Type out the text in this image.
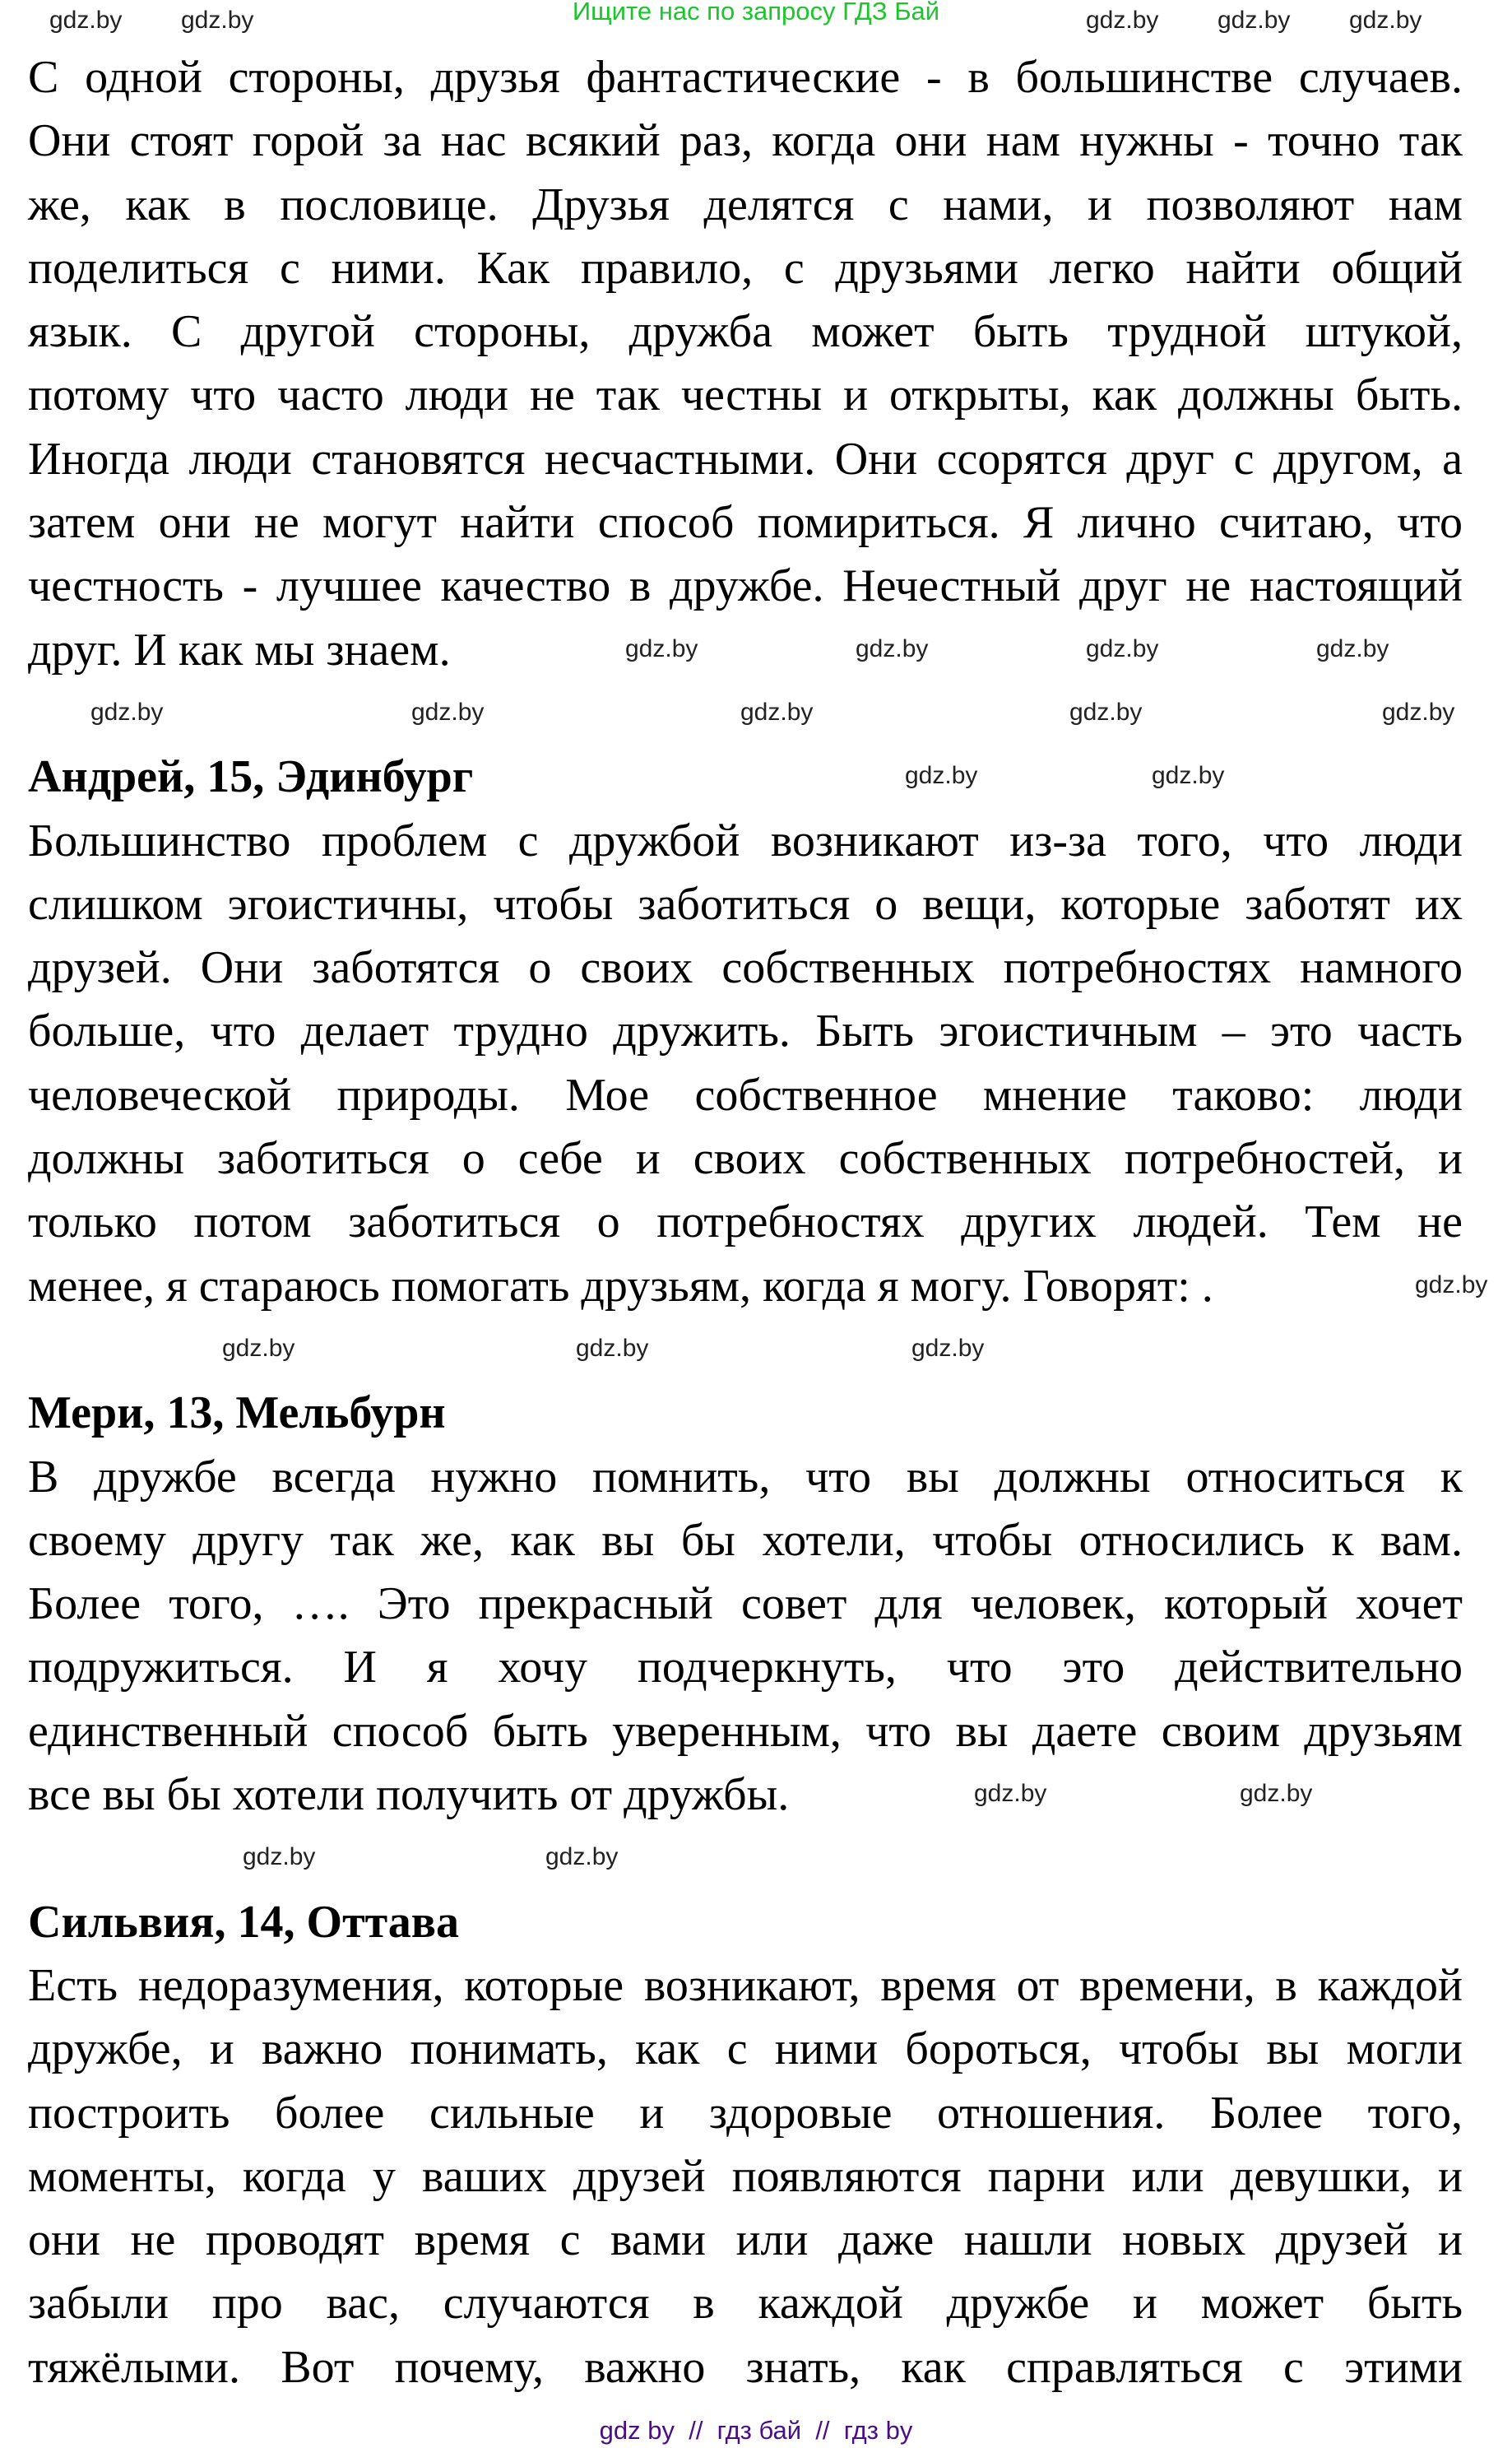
Ищите нас по запросу ГДЗ Бай
С одной стороны, друзья фантастические - в большинстве случаев.
Они стоят горой за нас всякий раз, когда они нам нужны - точно так
же, как в пословице. Друзья делятся с нами, и позволяют нам
поделиться с ними. Как правило, с друзьями легко найти общий
язык. С другой стороны, дружба может быть трудной штукой,
потому что часто люди не так честны и открыты, как должны быть.
Иногда люди становятся несчастными. Они ссорятся друг с другом, а
затем они не могут найти способ помириться. Я лично считаю, что
честность - лучшее качество в дружбе. Нечестный друг не настоящий
друг. И как мы знаем.
Андрей, 15, Эдинбург
Большинство проблем с дружбой возникают из-за того, что люди
слишком эгоистичны, чтобы заботиться о вещи, которые заботят их
друзей. Они заботятся о своих собственных потребностях намного
больше, что делает трудно дружить. Быть эгоистичным – это часть
человеческой природы. Мое собственное мнение таково: люди
должны заботиться о себе и своих собственных потребностей, и
только потом заботиться о потребностях других людей. Тем не
менее, я стараюсь помогать друзьям, когда я могу. Говорят: .
Мери, 13, Мельбурн
В дружбе всегда нужно помнить, что вы должны относиться к
своему другу так же, как вы бы хотели, чтобы относились к вам.
Более того, …. Это прекрасный совет для человек, который хочет
подружиться. И я хочу подчеркнуть, что это действительно
единственный способ быть уверенным, что вы даете своим друзьям
все вы бы хотели получить от дружбы.
Сильвия, 14, Оттава
Есть недоразумения, которые возникают, время от времени, в каждой
дружбе, и важно понимать, как с ними бороться, чтобы вы могли
построить более сильные и здоровые отношения. Более того,
моменты, когда у ваших друзей появляются парни или девушки, и
они не проводят время с вами или даже нашли новых друзей и
забыли про вас, случаются в каждой дружбе и может быть
тяжёлыми. Вот почему, важно знать, как справляться с этими
gdz.by gdz.by	gdz.by gdz.by gdz.by
gdz.by	gdz.by	gdz.by	gdz.by
gdz.by	gdz.by	gdz.by	gdz.by	gdz.by
gdz.by	gdz.by
gdz.by
gdz.by	gdz.by	gdz.by
gdz.by	gdz.by
gdz.by	gdz.by
gdz by  //  гдз бай  //  гдз by
